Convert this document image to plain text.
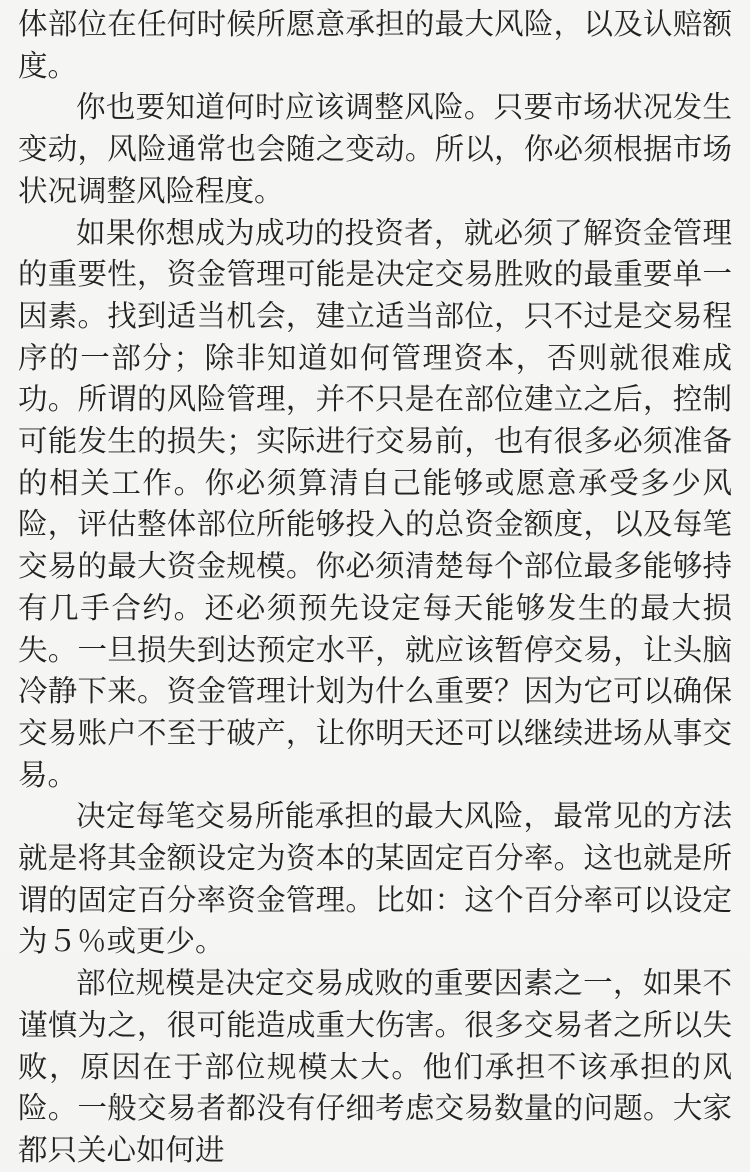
体部位在任何时候所愿意承担的最大风险，以及认赔额度。

你也要知道何时应该调整风险。只要市场状况发生变动，风险通常也会随之变动。所以，你必须根据市场状况调整风险程度。

如果你想成为成功的投资者，就必须了解资金管理的重要性，资金管理可能是决定交易胜败的最重要单一因素。找到适当机会，建立适当部位，只不过是交易程序的一部分；除非知道如何管理资本，否则就很难成功。所谓的风险管理，并不只是在部位建立之后，控制可能发生的损失；实际进行交易前，也有很多必须准备的相关工作。你必须算清自己能够或愿意承受多少风险，评估整体部位所能够投入的总资金额度，以及每笔交易的最大资金规模。你必须清楚每个部位最多能够持有几手合约。还必须预先设定每天能够发生的最大损失。一旦损失到达预定水平，就应该暂停交易，让头脑冷静下来。资金管理计划为什么重要？因为它可以确保交易账户不至于破产，让你明天还可以继续进场从事交易。

决定每笔交易所能承担的最大风险，最常见的方法就是将其金额设定为资本的某固定百分率。这也就是所谓的固定百分率资金管理。比如：这个百分率可以设定为５％或更少。

部位规模是决定交易成败的重要因素之一，如果不谨慎为之，很可能造成重大伤害。很多交易者之所以失败，原因在于部位规模太大。他们承担不该承担的风险。一般交易者都没有仔细考虑交易数量的问题。大家都只关心如何进
